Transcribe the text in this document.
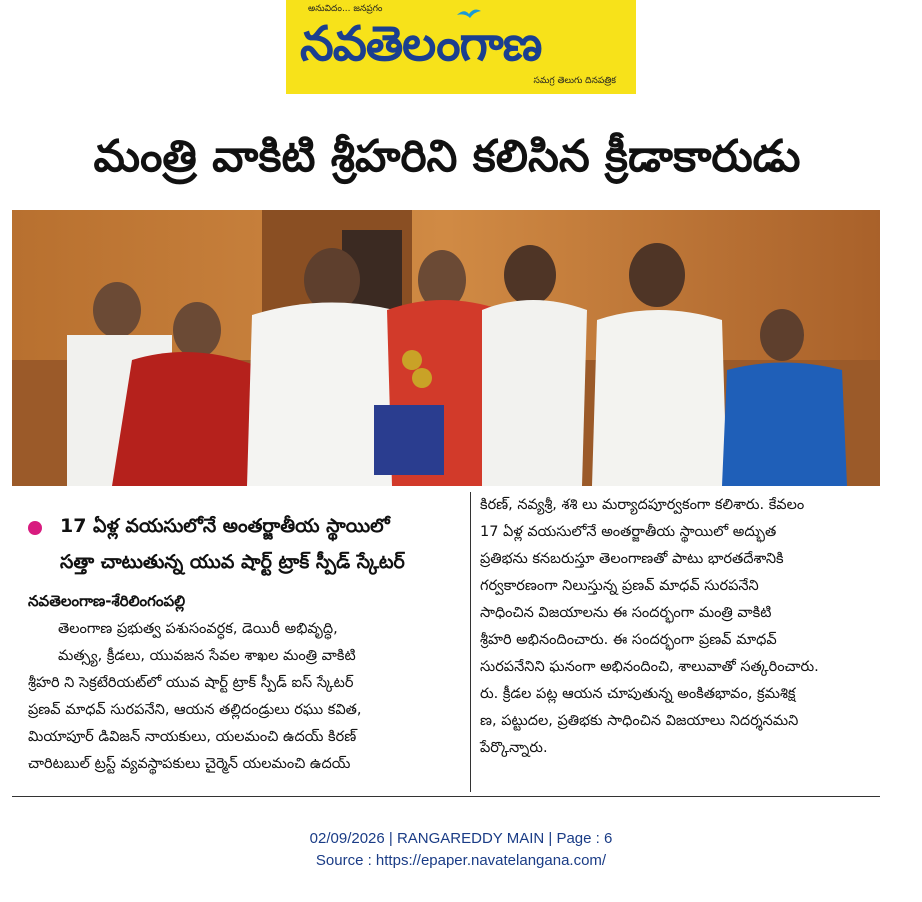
అనువిదం... జనప్రగం
నవతెలంగాణ
సమగ్ర తెలుగు దినపత్రిక
మంత్రి వాకిటి శ్రీహరిని కలిసిన క్రీడాకారుడు
17 ఏళ్ల వయసులోనే అంతర్జాతీయ స్థాయిలో
సత్తా చాటుతున్న యువ షార్ట్ ట్రాక్ స్పీడ్ స్కేటర్
నవతెలంగాణ-శేరిలింగంపల్లి
తెలంగాణ ప్రభుత్వ పశుసంవర్ధక, డెయిరీ అభివృద్ధి,
మత్స్య, క్రీడలు, యువజన సేవల శాఖల మంత్రి వాకిటి
శ్రీహరి ని సెక్రటేరియట్‌లో యువ షార్ట్ ట్రాక్ స్పీడ్ ఐస్ స్కేటర్
ప్రణవ్ మాధవ్ సురపనేని, ఆయన తల్లిదండ్రులు రఘు కవిత,
మియాపూర్ డివిజన్ నాయకులు, యలమంచి ఉదయ్ కిరణ్
చారిటబుల్ ట్రస్ట్ వ్యవస్థాపకులు చైర్మెన్ యలమంచి ఉదయ్
కిరణ్, నవ్యశ్రీ, శశి లు మర్యాదపూర్వకంగా కలిశారు. కేవలం
17 ఏళ్ల వయసులోనే అంతర్జాతీయ స్థాయిలో అద్భుత
ప్రతిభను కనబరుస్తూ తెలంగాణతో పాటు భారతదేశానికి
గర్వకారణంగా నిలుస్తున్న ప్రణవ్ మాధవ్ సురపనేని
సాధించిన విజయాలను ఈ సందర్భంగా మంత్రి వాకిటి
శ్రీహరి అభినందించారు. ఈ సందర్భంగా ప్రణవ్ మాధవ్
సురపనేనిని ఘనంగా అభినందించి, శాలువాతో సత్కరించారు.
రు. క్రీడల పట్ల ఆయన చూపుతున్న అంకితభావం, క్రమశిక్ష
ణ, పట్టుదల, ప్రతిభకు సాధించిన విజయాలు నిదర్శనమని
పేర్కొన్నారు.
02/09/2026 | RANGAREDDY MAIN | Page : 6
Source : https://epaper.navatelangana.com/
